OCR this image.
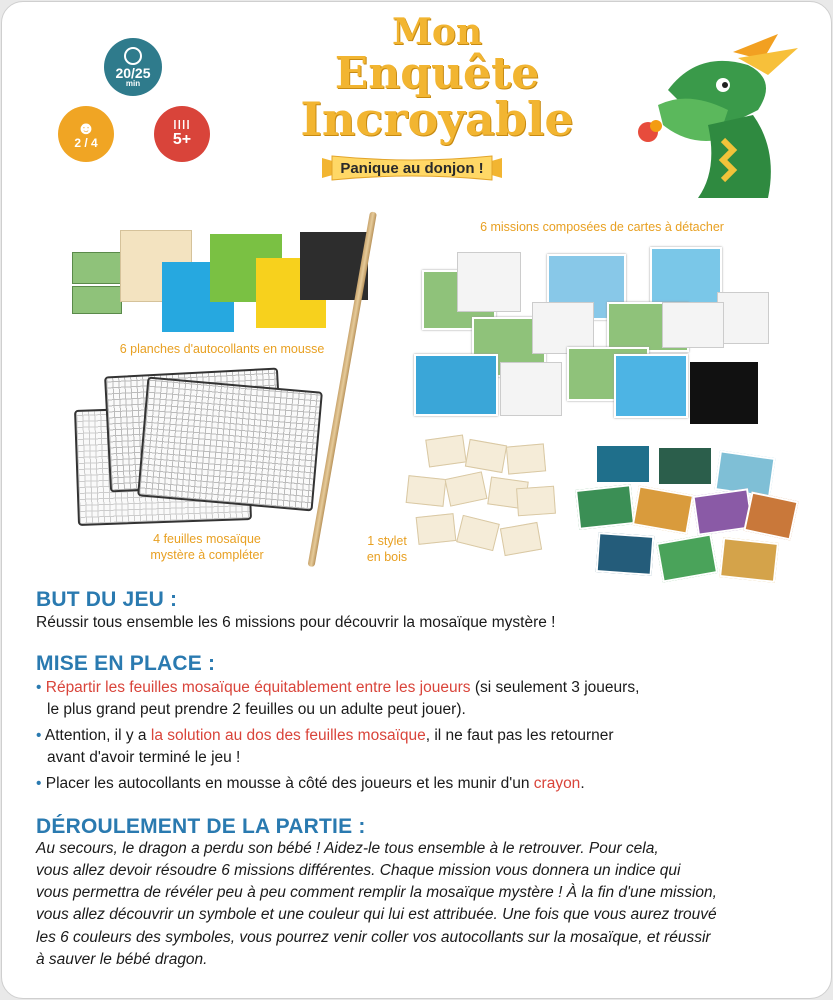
20/25
min
☻
2 / 4
ǀǀǀǀ
5+
Mon
Enquête
Incroyable
Panique au donjon !
6 planches d'autocollants en mousse
4 feuilles mosaïque
mystère à compléter
1 stylet
en bois
6 missions composées de cartes à détacher
BUT DU JEU :
Réussir tous ensemble les 6 missions pour découvrir la mosaïque mystère !
MISE EN PLACE :
• Répartir les feuilles mosaïque équitablement entre les joueurs (si seulement 3 joueurs,
le plus grand peut prendre 2 feuilles ou un adulte peut jouer).
• Attention, il y a la solution au dos des feuilles mosaïque, il ne faut pas les retourner
avant d'avoir terminé le jeu !
• Placer les autocollants en mousse à côté des joueurs et les munir d'un crayon.
DÉROULEMENT DE LA PARTIE :
Au secours, le dragon a perdu son bébé ! Aidez-le tous ensemble à le retrouver. Pour cela,
vous allez devoir résoudre 6 missions différentes. Chaque mission vous donnera un indice qui
vous permettra de révéler peu à peu comment remplir la mosaïque mystère ! À la fin d'une mission,
vous allez découvrir un symbole et une couleur qui lui est attribuée. Une fois que vous aurez trouvé
les 6 couleurs des symboles, vous pourrez venir coller vos autocollants sur la mosaïque, et réussir
à sauver le bébé dragon.
